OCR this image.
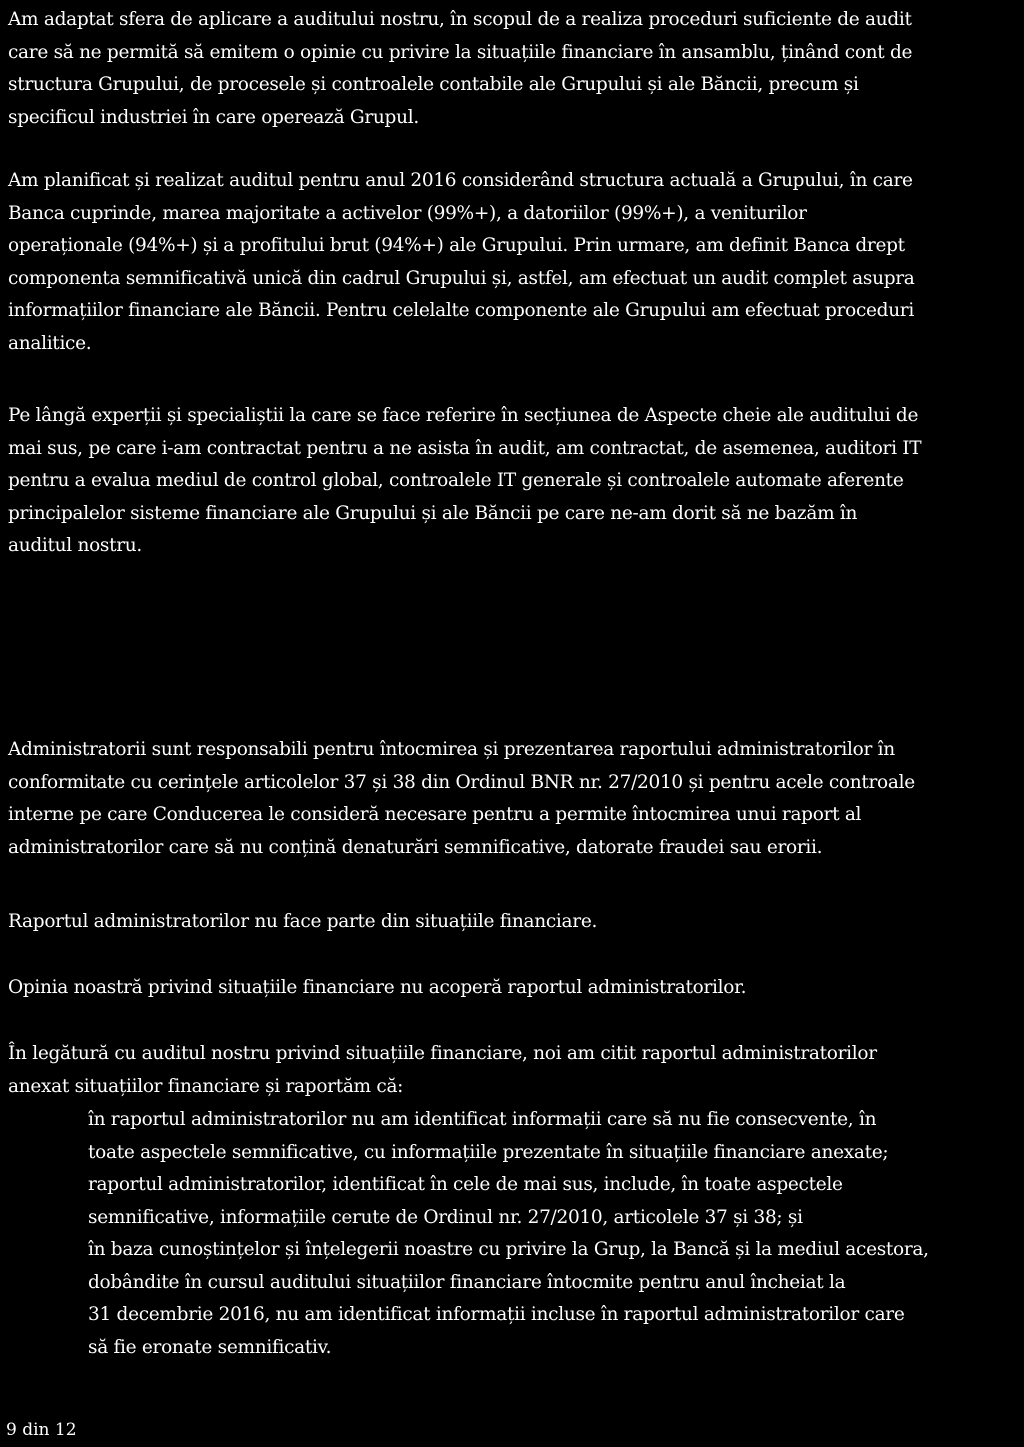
Am adaptat sfera de aplicare a auditului nostru, în scopul de a realiza proceduri suficiente de audit
care să ne permită să emitem o opinie cu privire la situațiile financiare în ansamblu, ținând cont de
structura Grupului, de procesele și controalele contabile ale Grupului și ale Băncii, precum și
specificul industriei în care operează Grupul.
Am planificat și realizat auditul pentru anul 2016 considerând structura actuală a Grupului, în care
Banca cuprinde, marea majoritate a activelor (99%+), a datoriilor (99%+), a veniturilor
operaționale (94%+) și a profitului brut (94%+) ale Grupului. Prin urmare, am definit Banca drept
componenta semnificativă unică din cadrul Grupului și, astfel, am efectuat un audit complet asupra
informațiilor financiare ale Băncii. Pentru celelalte componente ale Grupului am efectuat proceduri
analitice.
Pe lângă experții și specialiștii la care se face referire în secțiunea de Aspecte cheie ale auditului de
mai sus, pe care i-am contractat pentru a ne asista în audit, am contractat, de asemenea, auditori IT
pentru a evalua mediul de control global, controalele IT generale și controalele automate aferente
principalelor sisteme financiare ale Grupului și ale Băncii pe care ne-am dorit să ne bazăm în
auditul nostru.
Administratorii sunt responsabili pentru întocmirea și prezentarea raportului administratorilor în
conformitate cu cerințele articolelor 37 și 38 din Ordinul BNR nr. 27/2010 și pentru acele controale
interne pe care Conducerea le consideră necesare pentru a permite întocmirea unui raport al
administratorilor care să nu conțină denaturări semnificative, datorate fraudei sau erorii.
Raportul administratorilor nu face parte din situațiile financiare.
Opinia noastră privind situațiile financiare nu acoperă raportul administratorilor.
În legătură cu auditul nostru privind situațiile financiare, noi am citit raportul administratorilor
anexat situațiilor financiare și raportăm că:
în raportul administratorilor nu am identificat informații care să nu fie consecvente, în
toate aspectele semnificative, cu informațiile prezentate în situațiile financiare anexate;
raportul administratorilor, identificat în cele de mai sus, include, în toate aspectele
semnificative, informațiile cerute de Ordinul nr. 27/2010, articolele 37 și 38; și
în baza cunoștințelor și înțelegerii noastre cu privire la Grup, la Bancă și la mediul acestora,
dobândite în cursul auditului situațiilor financiare întocmite pentru anul încheiat la
31 decembrie 2016, nu am identificat informații incluse în raportul administratorilor care
să fie eronate semnificativ.
9 din 12
